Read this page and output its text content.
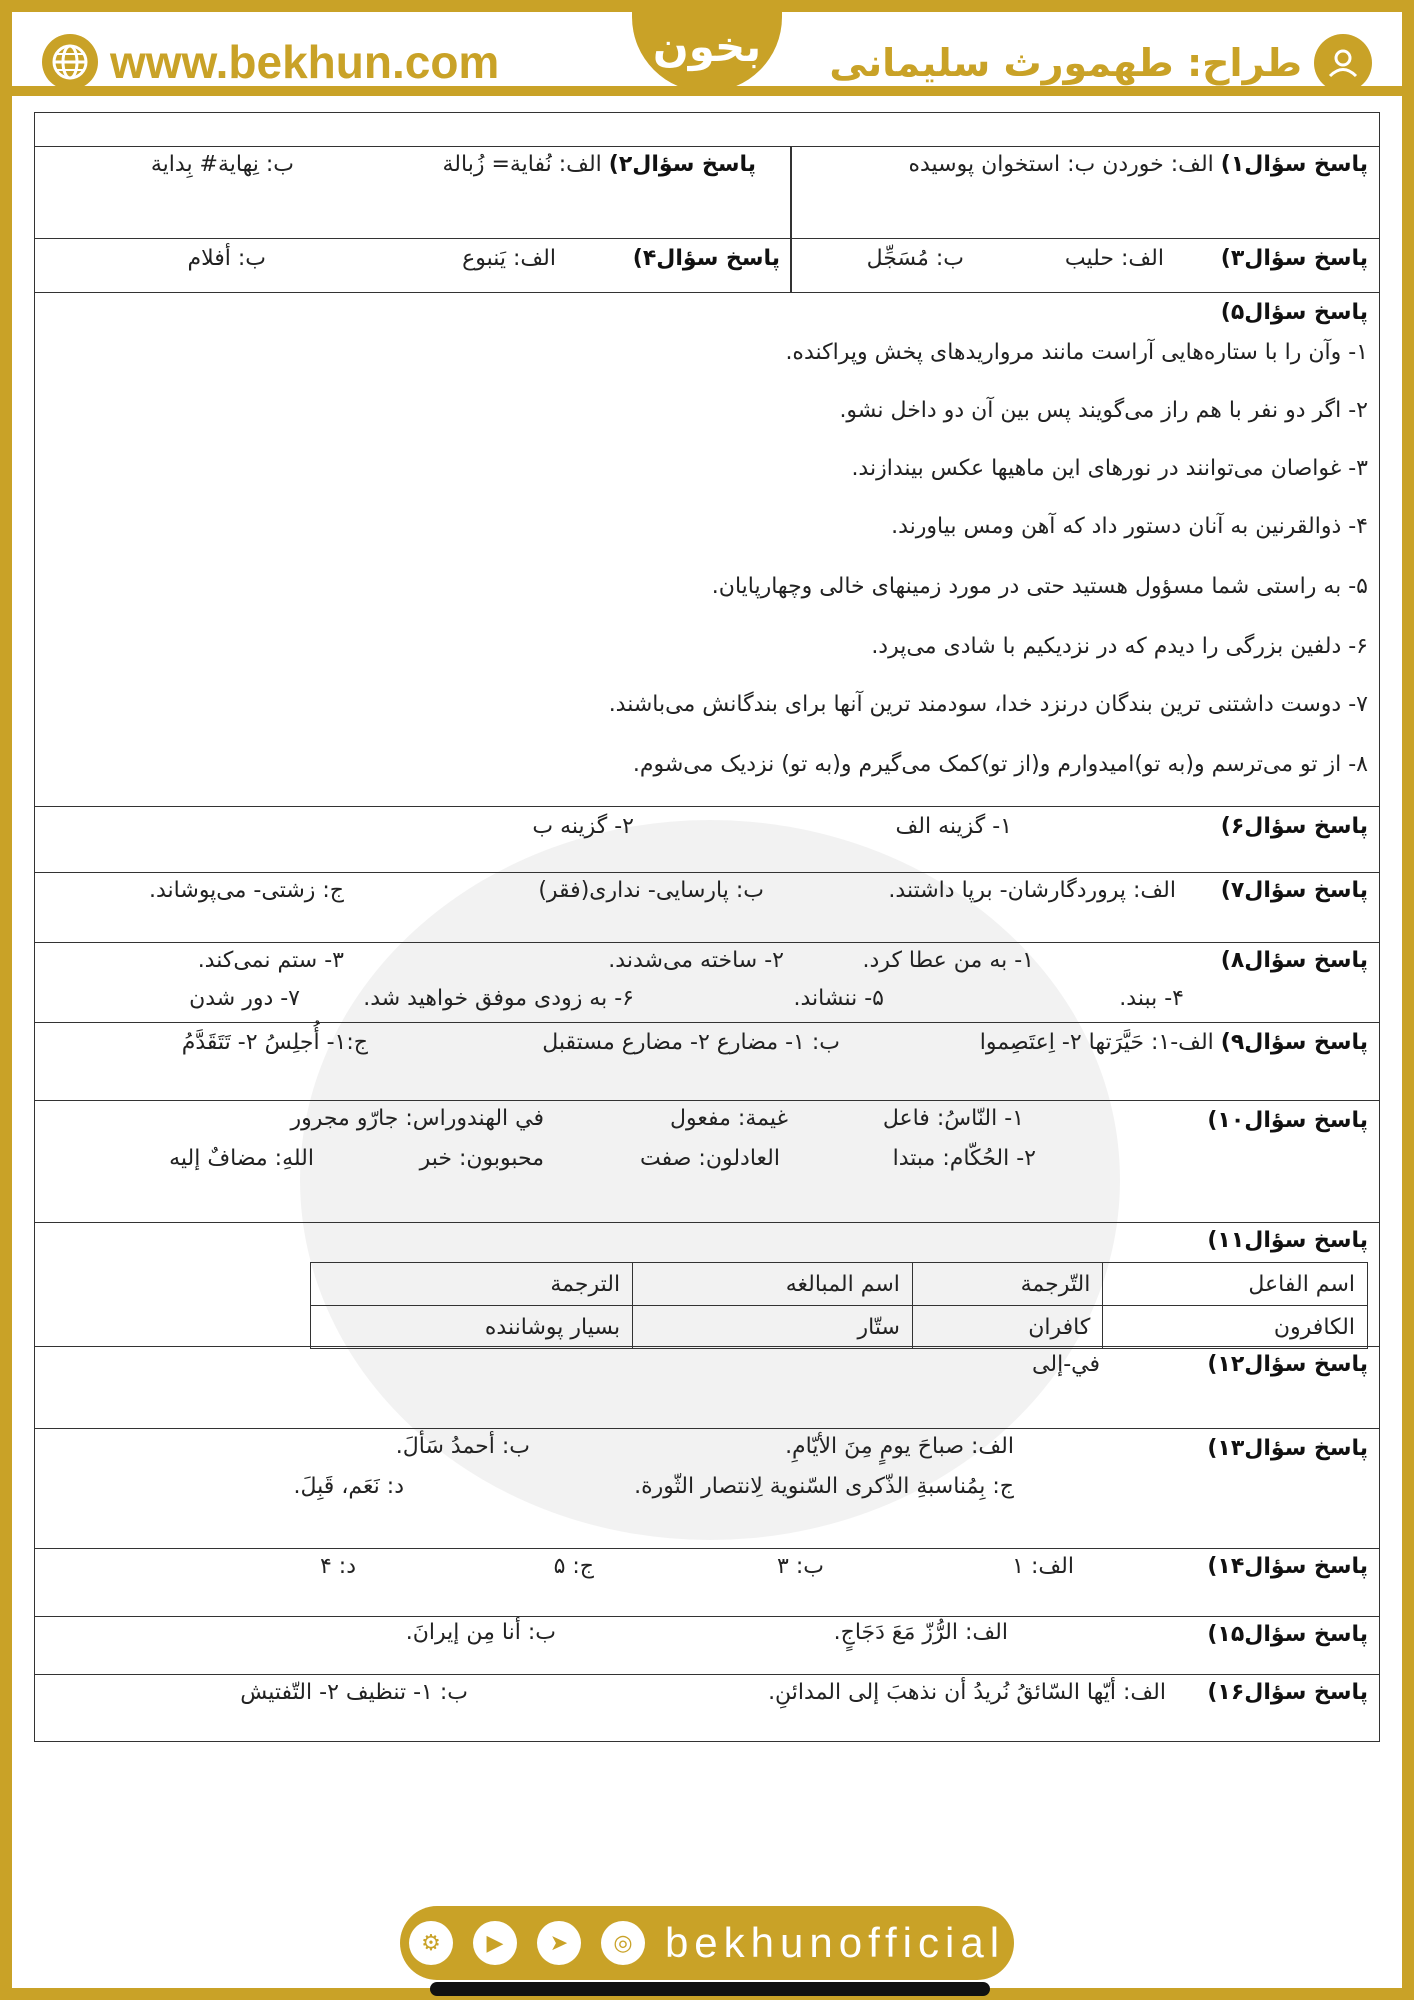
www.bekhun.com	طراح: طهمورث سلیمانی
بخون
پاسخ سؤال۱) الف: خوردن ب: استخوان پوسیده
پاسخ سؤال۲) الف: نُفاية= زُبالة
ب: نِهاية# بِداية
پاسخ سؤال۳)
الف: حلیب
ب: مُسَجِّل
پاسخ سؤال۴)
الف: یَنبوع
ب: أفلام
پاسخ سؤال۵)
۱- وآن را با ستاره‌هایی آراست مانند مروارید‌های پخش وپراکنده.
۲- اگر دو نفر با هم راز می‌گویند پس بین آن دو داخل نشو.
۳- غواصان می‌توانند در نورهای این ماهیها عکس بیندازند.
۴- ذوالقرنین به آنان دستور داد که آهن ومس بیاورند.
۵- به راستی شما مسؤول هستید حتی در مورد زمینهای خالی وچهارپایان.
۶- دلفین بزرگی را دیدم که در نزدیکیم با شادی می‌پرد.
۷- دوست داشتنی ترین بندگان درنزد خدا، سودمند ترین آنها برای بندگانش می‌باشند.
۸- از تو می‌ترسم و(به تو)امیدوارم و(از تو)کمک می‌گیرم و(به تو) نزدیک می‌شوم.
پاسخ سؤال۶)
۱- گزینه الف
۲- گزینه ب
پاسخ سؤال۷)
الف: پروردگارشان- برپا داشتند.
ب: پارسایی- نداری(فقر)
ج: زشتی- می‌پوشاند.
پاسخ سؤال۸)
۱- به من عطا کرد.
۲- ساخته می‌شدند.
۳- ستم نمی‌کند.
۴- ببند.
۵- ننشاند.
۶- به زودی موفق خواهید شد.
۷- دور شدن
پاسخ سؤال۹) الف-۱: حَیَّرَتها ۲- اِعتَصِموا
ب: ۱- مضارع ۲- مضارع مستقبل
ج:۱- أُجلِسُ ۲- تَتَقَدَّمُ
پاسخ سؤال۱۰)
۱- النّاسُ: فاعل
غيمة: مفعول
في الهندوراس: جارّو مجرور
۲- الحُکّام: مبتدا
العادلون: صفت
محبوبون: خبر
اللهِ: مضافٌ إليه
پاسخ سؤال۱۱)
اسم الفاعل	التّرجمة	اسم المبالغه	الترجمة
الکافرون	کافران	ستّار	بسیار پوشاننده
پاسخ سؤال۱۲)
في-إلی
پاسخ سؤال۱۳)
الف: صباحَ یومٍ مِنَ الأیّامِ.
ب: أحمدُ سَألَ.
ج: بِمُناسبةِ الذّکری السّنویة لِانتصار الثّورة.
د: نَعَم، قَبِلَ.
پاسخ سؤال۱۴)
الف: ۱
ب: ۳
ج: ۵
د: ۴
پاسخ سؤال۱۵)
الف: الرُّزّ مَعَ دَجَاجٍ.
ب: أنا مِن إيرانَ.
پاسخ سؤال۱۶)
الف: أیّها السّائقُ نُریدُ أن نذهبَ إلی المدائنِ.
ب: ۱- تنظيف ۲- التّفتيش
⚙	▶	➤	◎ bekhunofficial
